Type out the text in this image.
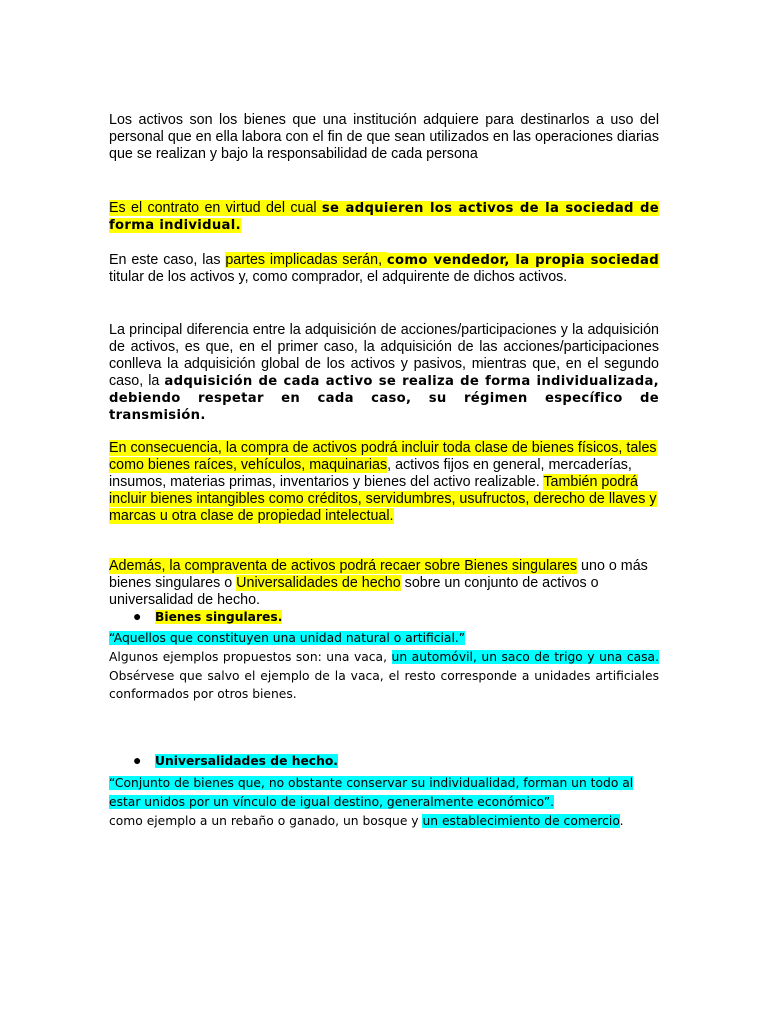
Los activos son los bienes que una institución adquiere para destinarlos a uso del personal que en ella labora con el fin de que sean utilizados en las operaciones diarias que se realizan y bajo la responsabilidad de cada persona

Es el contrato en virtud del cual se adquieren los activos de la sociedad de forma individual.

En este caso, las partes implicadas serán, como vendedor, la propia sociedad titular de los activos y, como comprador, el adquirente de dichos activos.

La principal diferencia entre la adquisición de acciones/participaciones y la adquisición de activos, es que, en el primer caso, la adquisición de las acciones/participaciones conlleva la adquisición global de los activos y pasivos, mientras que, en el segundo caso, la adquisición de cada activo se realiza de forma individualizada, debiendo respetar en cada caso, su régimen específico de transmisión.

En consecuencia, la compra de activos podrá incluir toda clase de bienes físicos, tales como bienes raíces, vehículos, maquinarias, activos fijos en general, mercaderías, insumos, materias primas, inventarios y bienes del activo realizable. También podrá incluir bienes intangibles como créditos, servidumbres, usufructos, derecho de llaves y marcas u otra clase de propiedad intelectual.

Además, la compraventa de activos podrá recaer sobre Bienes singulares uno o más bienes singulares o Universalidades de hecho sobre un conjunto de activos o universalidad de hecho.

● Bienes singulares.

“Aquellos que constituyen una unidad natural o artificial.”

Algunos ejemplos propuestos son: una vaca, un automóvil, un saco de trigo y una casa. Obsérvese que salvo el ejemplo de la vaca, el resto corresponde a unidades artificiales conformados por otros bienes.

● Universalidades de hecho.

“Conjunto de bienes que, no obstante conservar su individualidad, forman un todo al estar unidos por un vínculo de igual destino, generalmente económico”.

como ejemplo a un rebaño o ganado, un bosque y un establecimiento de comercio.
